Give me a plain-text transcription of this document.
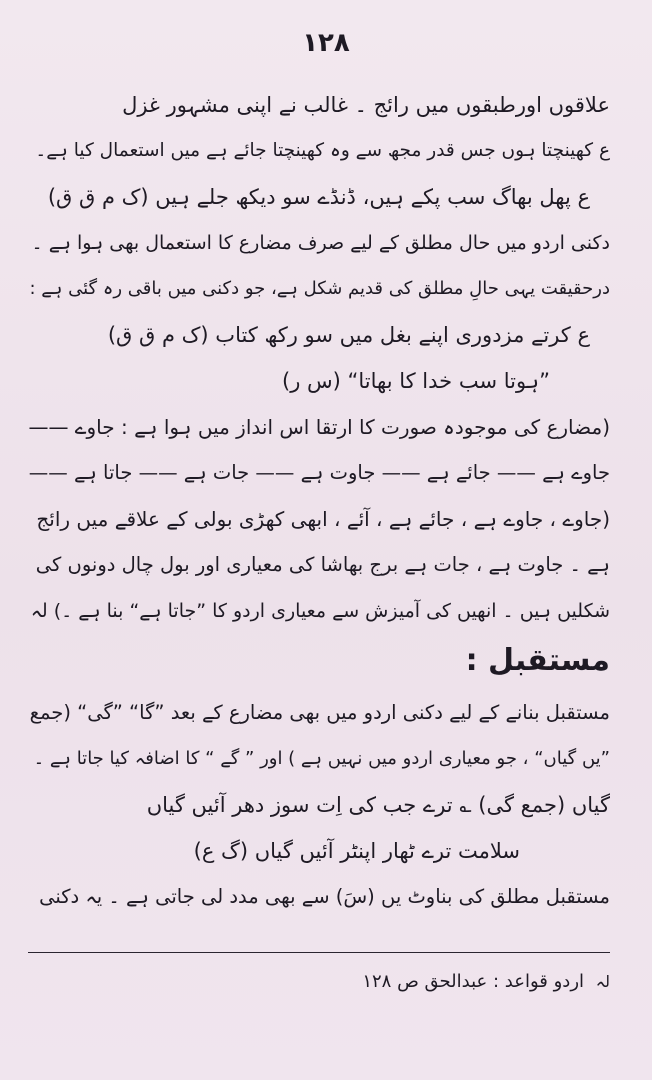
۱۲۸
علاقوں اورطبقوں میں رائج ۔ غالب نے اپنی مشہور غزل
ع کھینچتا ہوں جس قدر مجھ سے وہ کھینچتا جائے ہے میں استعمال کیا ہے۔
ع پھل بھاگ سب پکے ہیں، ڈنڈے سو دیکھ جلے ہیں (ک م ق ق)
دکنی اردو میں حال مطلق کے لیے صرف مضارع کا استعمال بھی ہوا ہے ۔
درحقیقت یہی حالِ مطلق کی قدیم شکل ہے، جو دکنی میں باقی رہ گئی ہے :
ع کرتے مزدوری اپنے بغل میں سو رکھ کتاب (ک م ق ق)
”ہوتا سب خدا کا بھاتا“ (س ر)
(مضارع کی موجودہ صورت کا ارتقا اس انداز میں ہوا ہے : جاوے ——
جاوے ہے —— جائے ہے —— جاوت ہے —— جات ہے —— جاتا ہے ——
(جاوے ، جاوے ہے ، جائے ہے ، آئے ، ابھی کھڑی بولی کے علاقے میں رائج
ہے ۔ جاوت ہے ، جات ہے برج بھاشا کی معیاری اور بول چال دونوں کی
شکلیں ہیں ۔ انھیں کی آمیزش سے معیاری اردو کا ”جاتا ہے“ بنا ہے ۔) لہ
مستقبل :
مستقبل بنانے کے لیے دکنی اردو میں بھی مضارع کے بعد ”گا“ ”گی“ (جمع
”یں گیاں“ ، جو معیاری اردو میں نہیں ہے ) اور ” گے “ کا اضافہ کیا جاتا ہے ۔
گیاں (جمع گی) ؎ ترے جب کی اِت سوز دھر آئیں گیاں
سلامت ترے ٹھار اپنٹر آئیں گیاں (گ ع)
مستقبل مطلق کی بناوٹ یں (سَ) سے بھی مدد لی جاتی ہے ۔ یہ دکنی
لہ اردو قواعد : عبدالحق ص ۱۲۸
